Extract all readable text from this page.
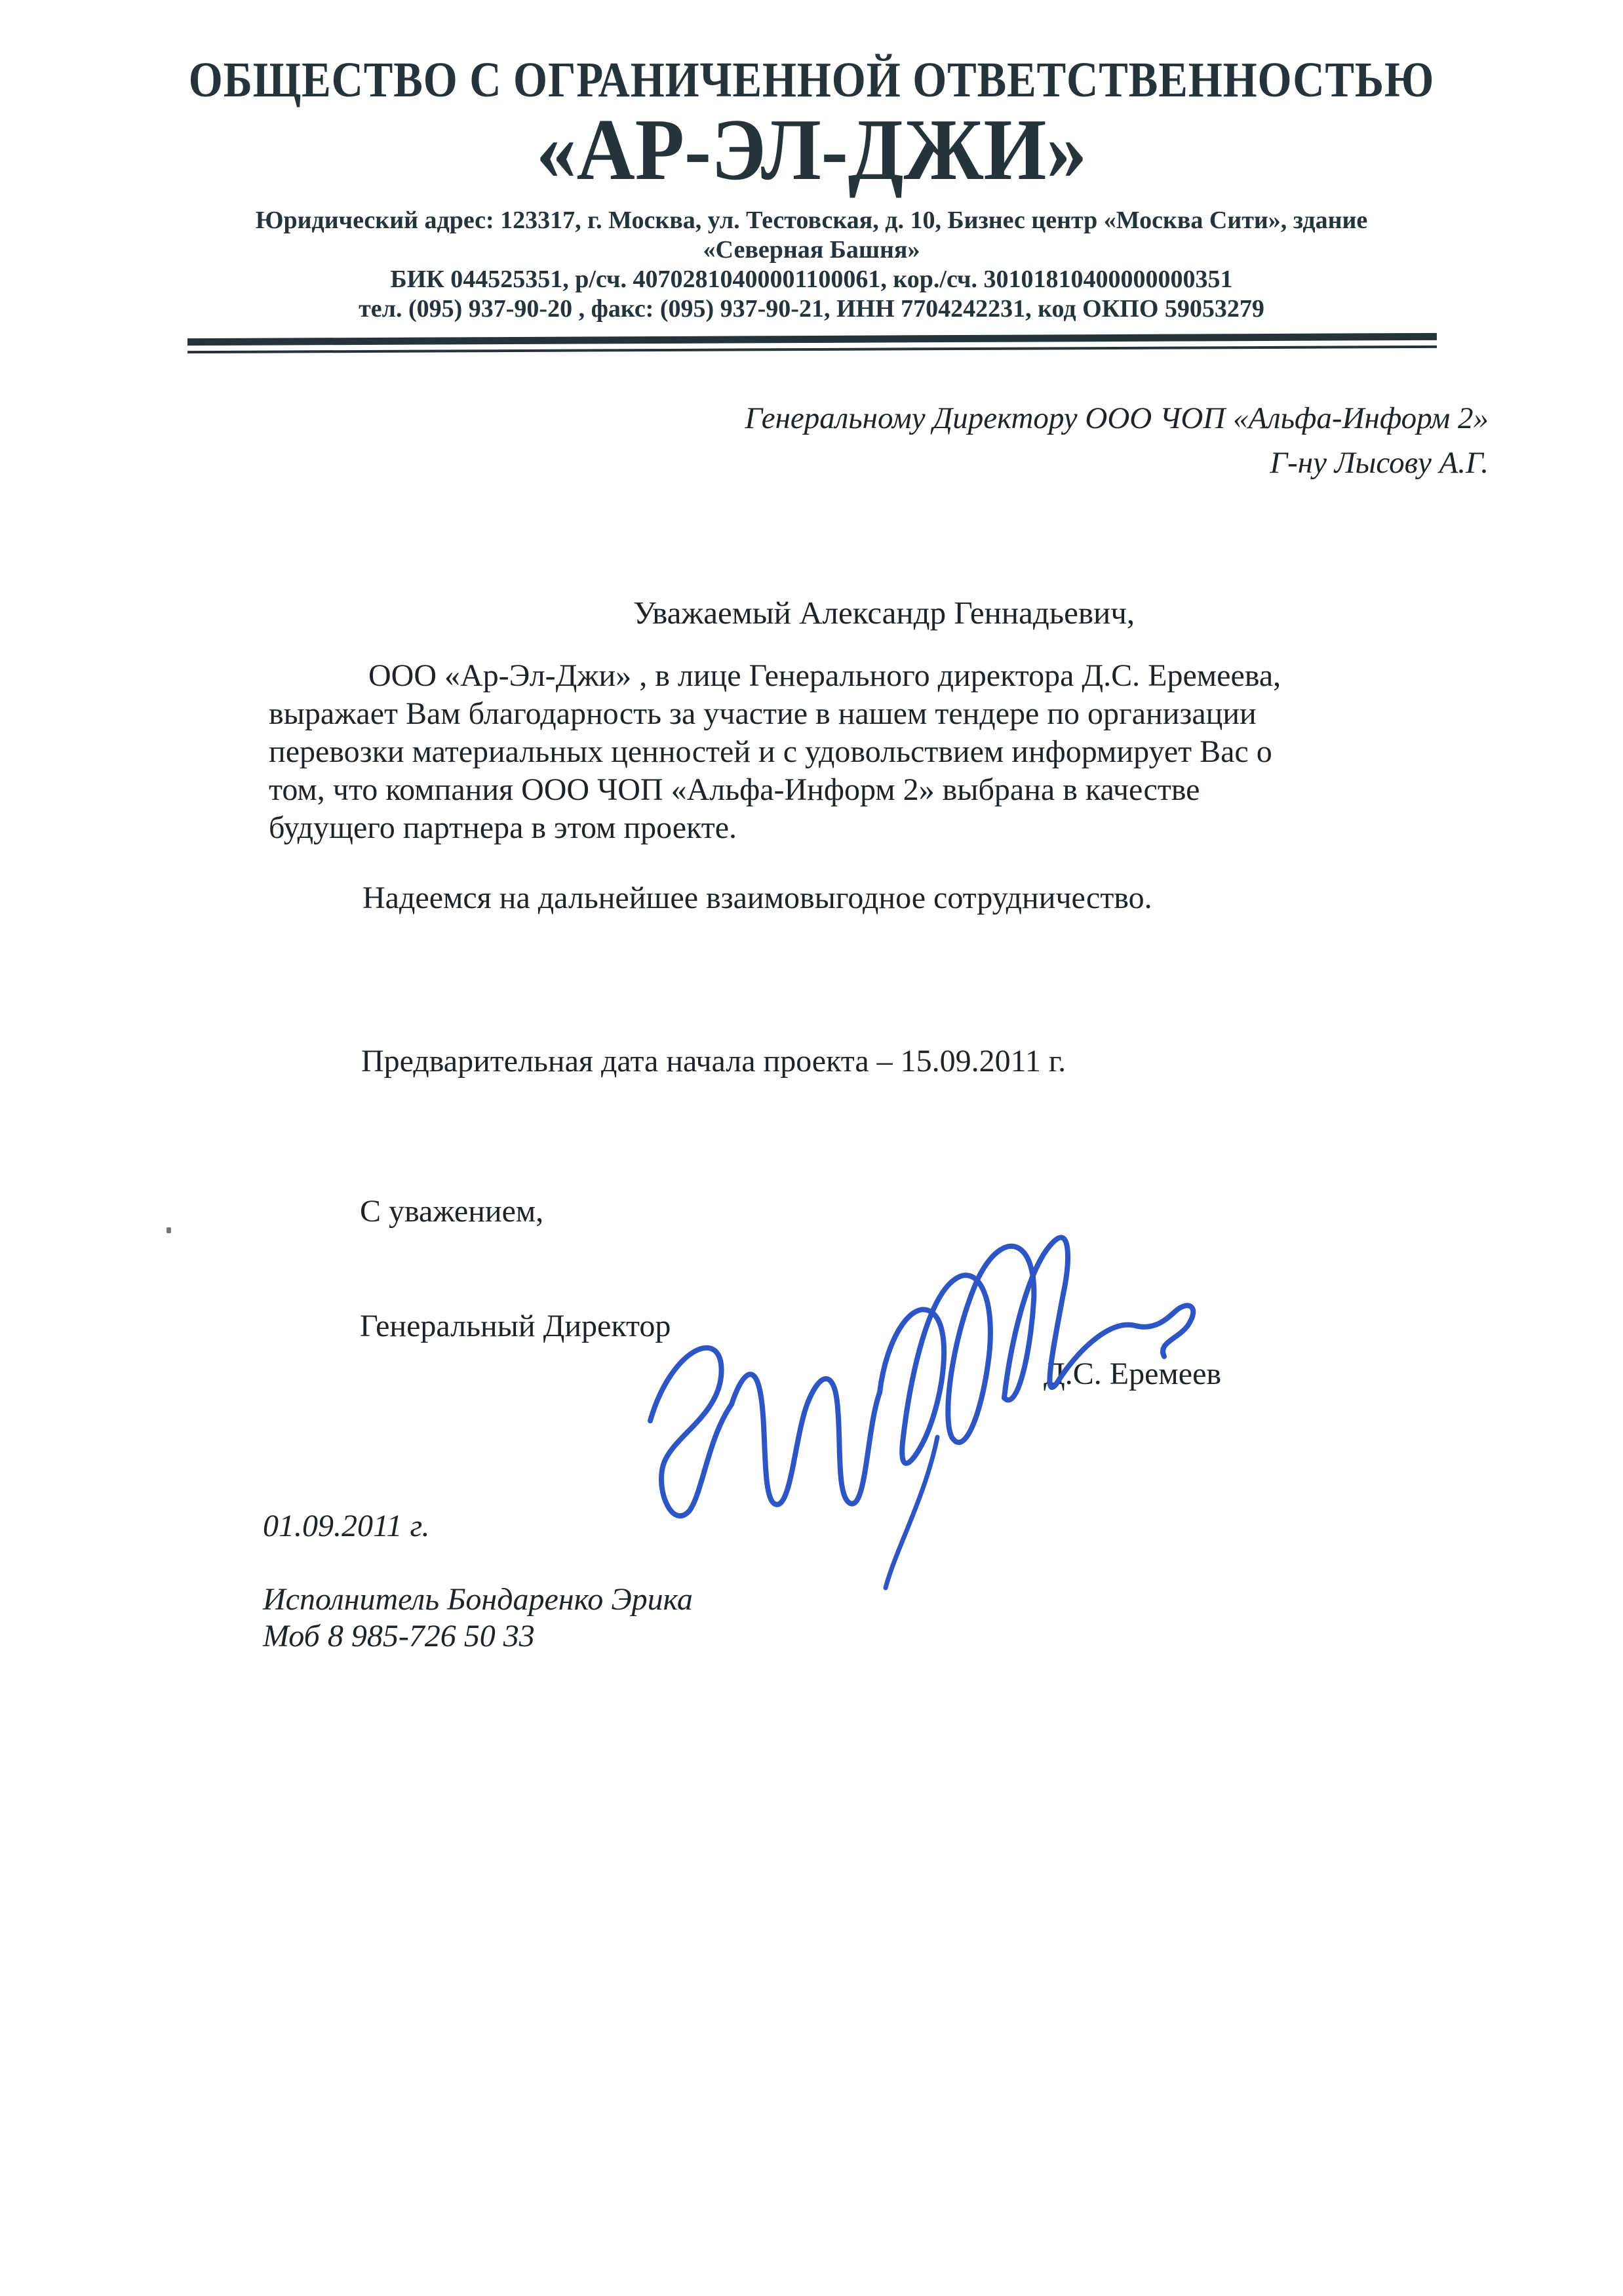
ОБЩЕСТВО С ОГРАНИЧЕННОЙ ОТВЕТСТВЕННОСТЬЮ
«АР-ЭЛ-ДЖИ»
Юридический адрес: 123317, г. Москва, ул. Тестовская, д. 10, Бизнес центр «Москва Сити», здание
«Северная Башня»
БИК 044525351, р/сч. 40702810400001100061, кор./сч. 30101810400000000351
тел. (095) 937-90-20 , факс: (095) 937-90-21, ИНН 7704242231, код ОКПО 59053279
Генеральному Директору ООО ЧОП «Альфа-Информ 2»
Г-ну Лысову А.Г.
Уважаемый Александр Геннадьевич,
ООО «Ар-Эл-Джи» , в лице Генерального директора Д.С. Еремеева,
выражает Вам благодарность за участие в нашем тендере по организации
перевозки материальных ценностей и с удовольствием информирует Вас о
том, что компания ООО ЧОП «Альфа-Информ 2» выбрана в качестве
будущего партнера в этом проекте.
Надеемся на дальнейшее взаимовыгодное сотрудничество.
Предварительная дата начала проекта – 15.09.2011 г.
С уважением,
Генеральный Директор
Д.С. Еремеев
01.09.2011 г.
Исполнитель Бондаренко Эрика
Моб 8 985-726 50 33
